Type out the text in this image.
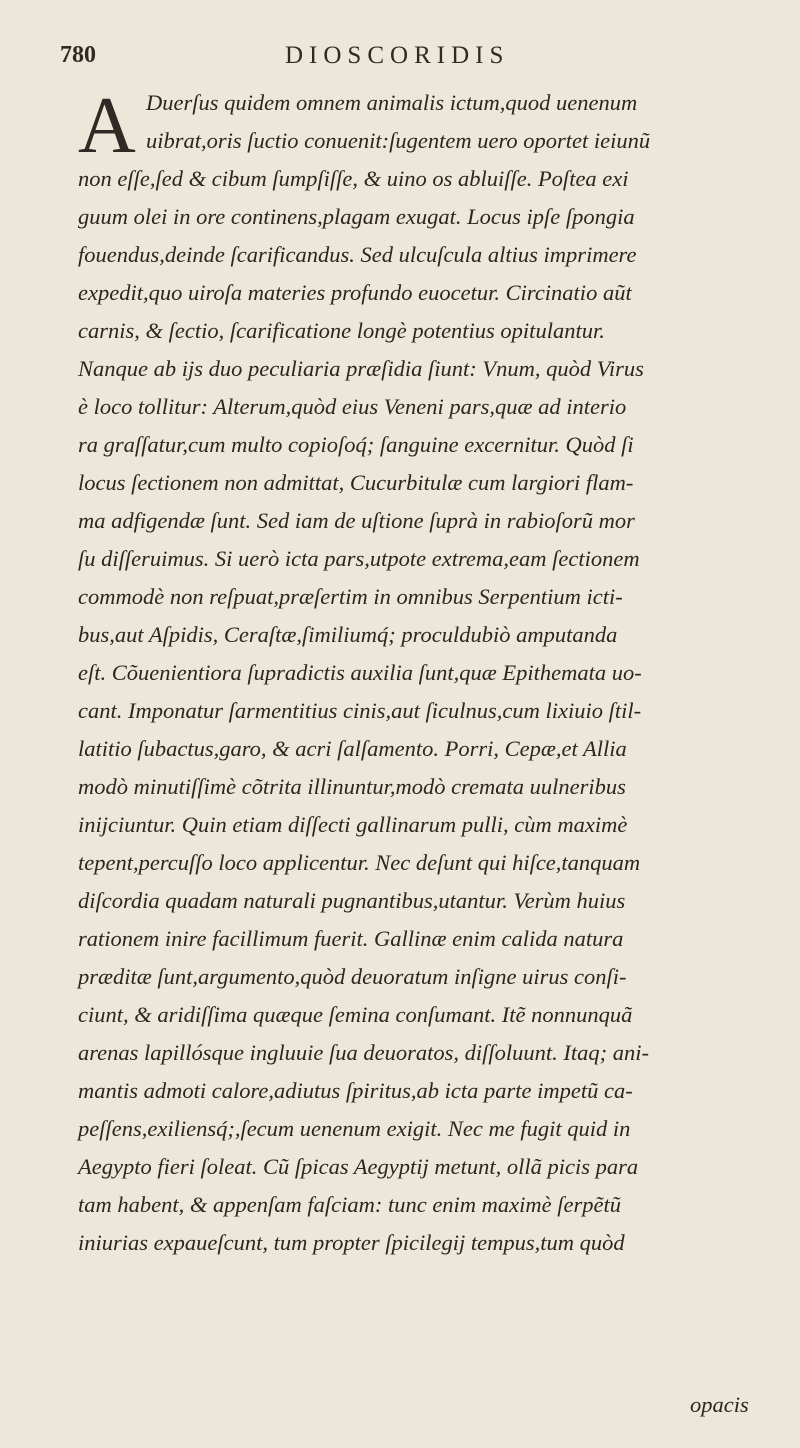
780	DIOSCORIDIS
A Duerſus quidem omnem animalis ictum,quod uenenum
uibrat,oris ſuctio conuenit:ſugentem uero oportet ieiunũ
non eſſe,ſed & cibum ſumpſiſſe, & uino os abluiſſe. Poſtea exi
guum olei in ore continens,plagam exugat. Locus ipſe ſpongia
fouendus,deinde ſcarificandus. Sed ulcuſcula altius imprimere
expedit,quo uiroſa materies profundo euocetur. Circinatio aũt
carnis, & ſectio, ſcarificatione longè potentius opitulantur.
Nanque ab ijs duo peculiaria præſidia ſiunt: Vnum, quòd Virus
è loco tollitur: Alterum,quòd eius Veneni pars,quæ ad interio
ra graſſatur,cum multo copioſoq́; ſanguine excernitur. Quòd ſi
locus ſectionem non admittat, Cucurbitulæ cum largiori flam-
ma adfigendæ ſunt. Sed iam de uſtione ſuprà in rabioſorũ mor
ſu diſſeruimus. Si uerò icta pars,utpote extrema,eam ſectionem
commodè non reſpuat,præſertim in omnibus Serpentium icti-
bus,aut Aſpidis, Ceraſtæ,ſimiliumq́; proculdubiò amputanda
eſt. Cõuenientiora ſupradictis auxilia ſunt,quæ Epithemata uo-
cant. Imponatur ſarmentitius cinis,aut ſiculnus,cum lixiuio ſtil-
latitio ſubactus,garo, & acri ſalſamento. Porri, Cepæ,et Allia
modò minutiſſimè cõtrita illinuntur,modò cremata uulneribus
inijciuntur. Quin etiam diſſecti gallinarum pulli, cùm maximè
tepent,percuſſo loco applicentur. Nec deſunt qui hiſce,tanquam
diſcordia quadam naturali pugnantibus,utantur. Verùm huius
rationem inire facillimum fuerit. Gallinæ enim calida natura
præditæ ſunt,argumento,quòd deuoratum inſigne uirus conſi-
ciunt, & aridiſſima quæque ſemina conſumant. Itẽ nonnunquã
arenas lapillósque ingluuie ſua deuoratos, diſſoluunt. Itaq; ani-
mantis admoti calore,adiutus ſpiritus,ab icta parte impetũ ca-
peſſens,exiliensq́;,ſecum uenenum exigit. Nec me fugit quid in
Aegypto fieri ſoleat. Cũ ſpicas Aegyptij metunt, ollã picis para
tam habent, & appenſam faſciam: tunc enim maximè ſerpẽtũ
iniurias expaueſcunt, tum propter ſpicilegij tempus,tum quòd
opacis
